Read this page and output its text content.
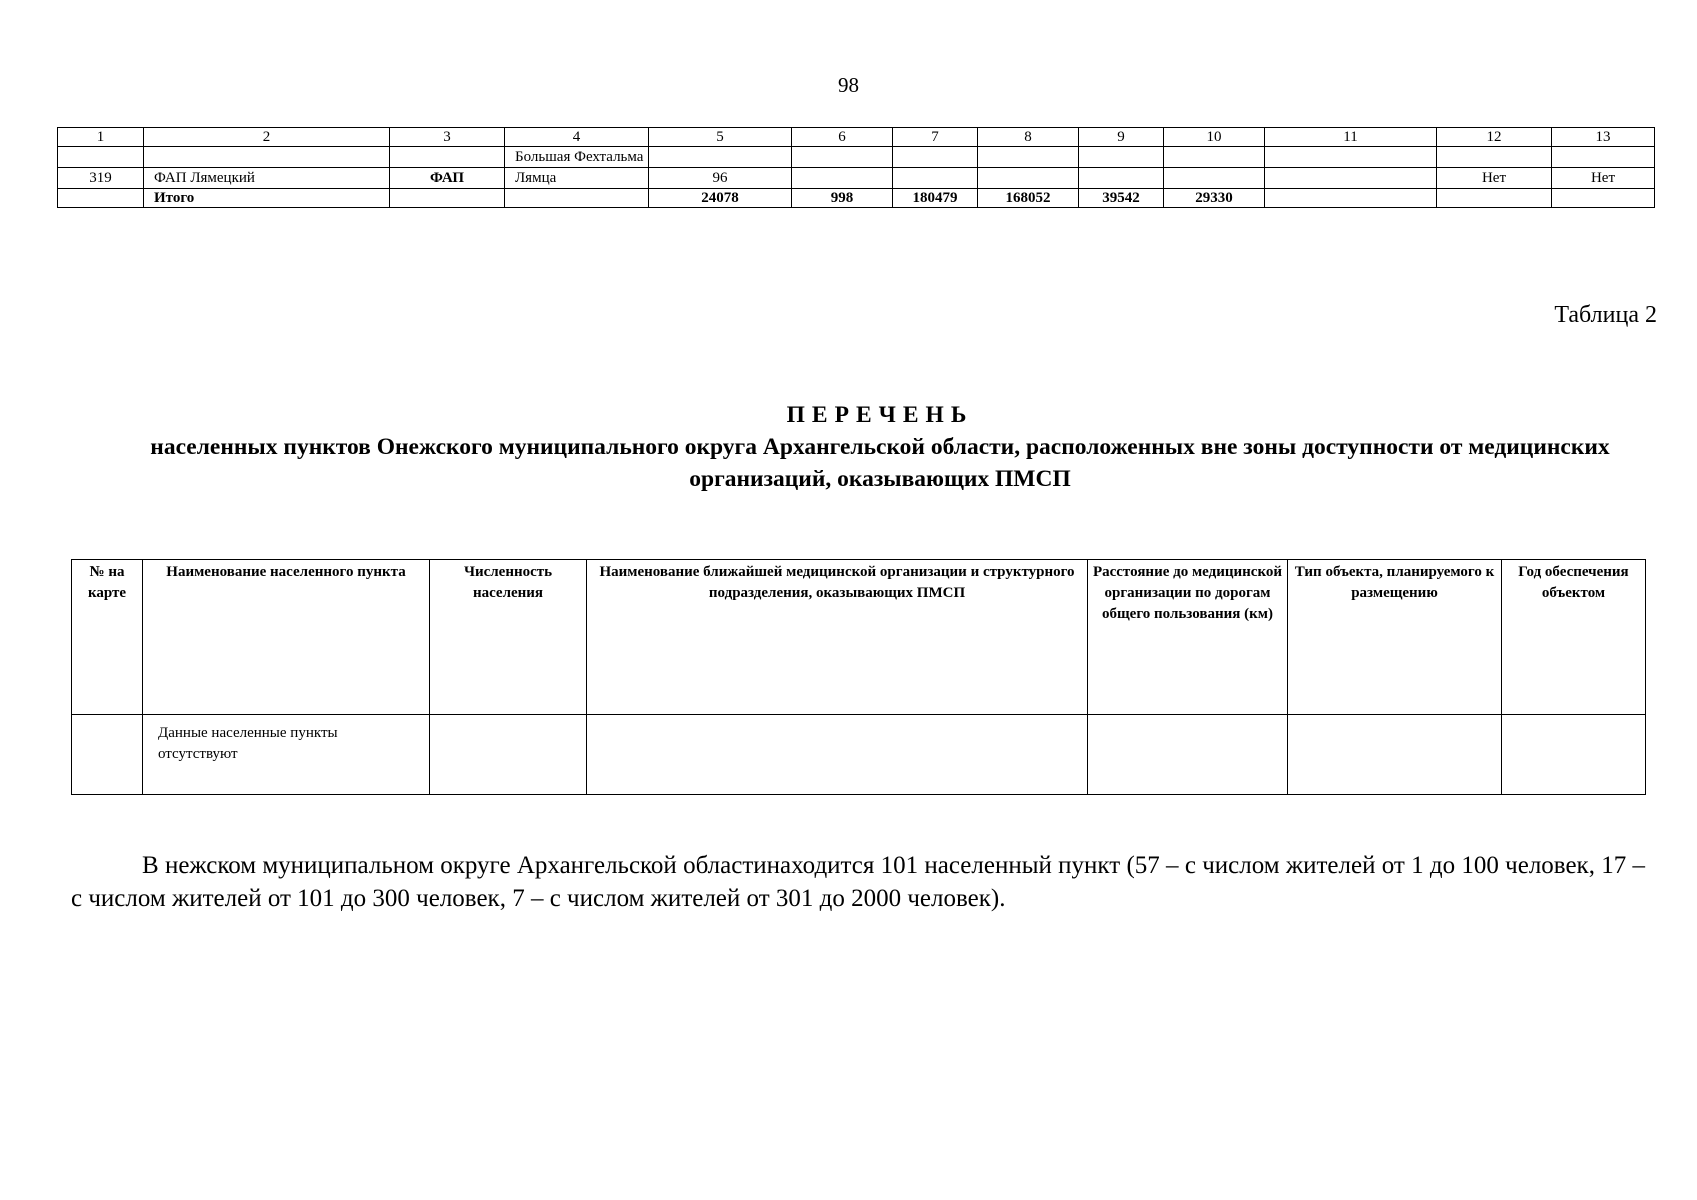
98
1	2	3	4	5	6	7	8	9	10	11	12	13
			Большая Фехтальма									
319	ФАП Лямецкий	ФАП	Лямца	96							Нет	Нет
	Итого			24078	998	180479	168052	39542	29330			
Таблица 2
ПЕРЕЧЕНЬ
населенных пунктов Онежского муниципального округа Архангельской области, расположенных вне зоны доступности от медицинских организаций, оказывающих ПМСП
№ на карте	Наименование населенного пункта	Численность населения	Наименование ближайшей медицинской организации и структурного подразделения, оказывающих ПМСП	Расстояние до медицинской организации по дорогам общего пользования (км)	Тип объекта, планируемого к размещению	Год обеспечения объектом
	Данные населенные пункты отсутствуют					
В нежском муниципальном округе Архангельской областинаходится 101 населенный пункт (57 – с числом жителей от 1 до 100 человек, 17 – с числом жителей от 101 до 300 человек, 7 – с числом жителей от 301 до 2000 человек).
